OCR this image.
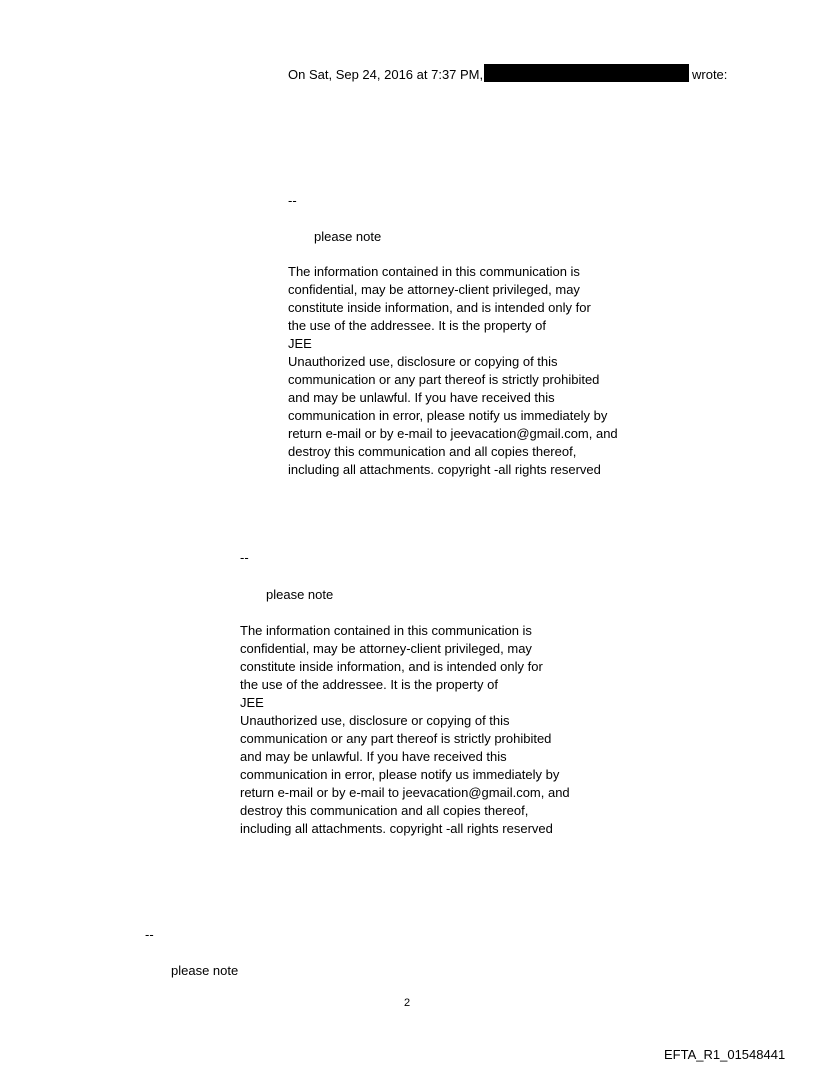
On Sat, Sep 24, 2016 at 7:37 PM,	wrote:
--
please note
The information contained in this communication is
confidential, may be attorney-client privileged, may
constitute inside information, and is intended only for
the use of the addressee. It is the property of
JEE
Unauthorized use, disclosure or copying of this
communication or any part thereof is strictly prohibited
and may be unlawful. If you have received this
communication in error, please notify us immediately by
return e-mail or by e-mail to jeevacation@gmail.com, and
destroy this communication and all copies thereof,
including all attachments. copyright -all rights reserved
--
please note
The information contained in this communication is
confidential, may be attorney-client privileged, may
constitute inside information, and is intended only for
the use of the addressee. It is the property of
JEE
Unauthorized use, disclosure or copying of this
communication or any part thereof is strictly prohibited
and may be unlawful. If you have received this
communication in error, please notify us immediately by
return e-mail or by e-mail to jeevacation@gmail.com, and
destroy this communication and all copies thereof,
including all attachments. copyright -all rights reserved
--
please note
2
EFTA_R1_01548441
